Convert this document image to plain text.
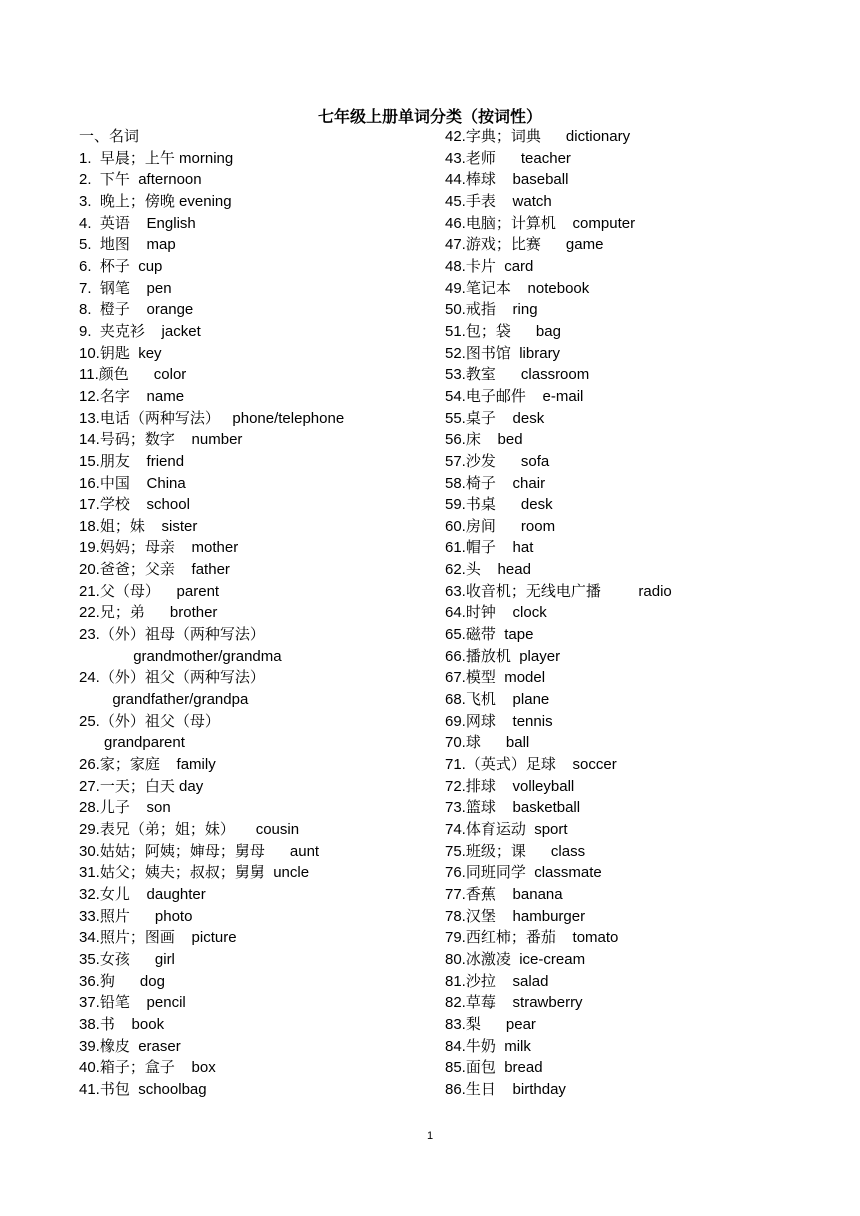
七年级上册单词分类（按词性）
一、名词
1.  早晨；上午 morning
2.  下午 afternoon
3.  晚上；傍晚 evening
4.  英语 English
5.  地图 map
6.  杯子 cup
7.  钢笔 pen
8.  橙子 orange
9.  夹克衫 jacket
10.钥匙 key
11.颜色 color
12.名字 name
13.电话（两种写法） phone/telephone
14.号码；数字 number
15.朋友 friend
16.中国 China
17.学校 school
18.姐；妹 sister
19.妈妈；母亲 mother
20.爸爸；父亲 father
21.父（母） parent
22.兄；弟 brother
23.（外）祖母（两种写法）
grandmother/grandma
24.（外）祖父（两种写法）
grandfather/grandpa
25.（外）祖父（母）
grandparent
26.家；家庭 family
27.一天；白天 day
28.儿子 son
29.表兄（弟；姐；妹） cousin
30.姑姑；阿姨；婶母；舅母 aunt
31.姑父；姨夫；叔叔；舅舅 uncle
32.女儿 daughter
33.照片 photo
34.照片；图画 picture
35.女孩 girl
36.狗 dog
37.铅笔 pencil
38.书 book
39.橡皮 eraser
40.箱子；盒子 box
41.书包 schoolbag
42.字典；词典 dictionary
43.老师 teacher
44.棒球 baseball
45.手表 watch
46.电脑；计算机 computer
47.游戏；比赛 game
48.卡片 card
49.笔记本 notebook
50.戒指 ring
51.包；袋 bag
52.图书馆 library
53.教室 classroom
54.电子邮件 e-mail
55.桌子 desk
56.床 bed
57.沙发 sofa
58.椅子 chair
59.书桌 desk
60.房间 room
61.帽子 hat
62.头 head
63.收音机；无线电广播	radio
64.时钟 clock
65.磁带 tape
66.播放机 player
67.模型 model
68.飞机 plane
69.网球 tennis
70.球 ball
71.（英式）足球 soccer
72.排球 volleyball
73.篮球 basketball
74.体育运动 sport
75.班级；课 class
76.同班同学 classmate
77.香蕉 banana
78.汉堡 hamburger
79.西红柿；番茄 tomato
80.冰激凌 ice-cream
81.沙拉 salad
82.草莓 strawberry
83.梨 pear
84.牛奶 milk
85.面包 bread
86.生日 birthday
1
